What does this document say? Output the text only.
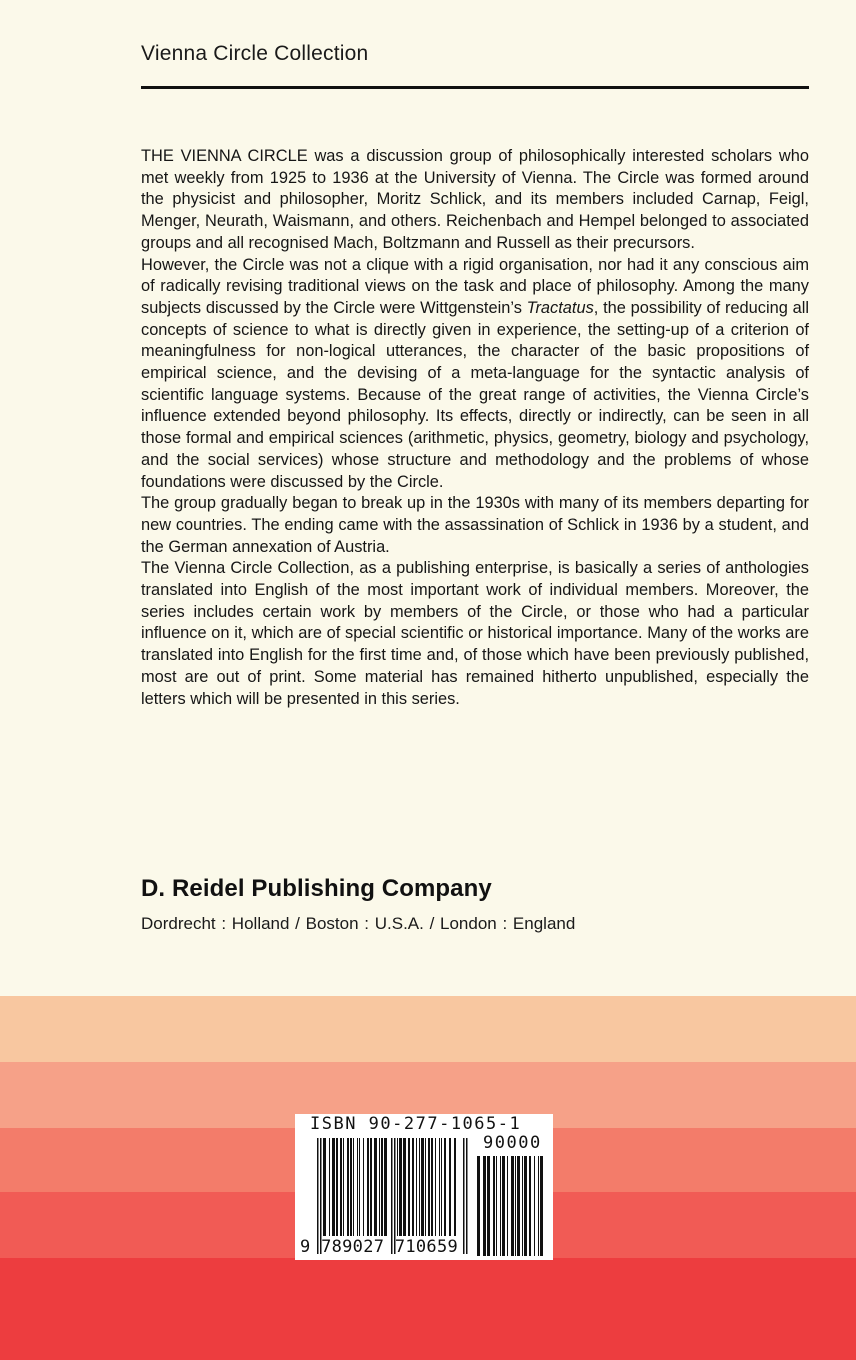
Vienna Circle Collection

THE VIENNA CIRCLE was a discussion group of philosophically interested scholars who met weekly from 1925 to 1936 at the University of Vienna. The Circle was formed around the physicist and philosopher, Moritz Schlick, and its members included Carnap, Feigl, Menger, Neurath, Waismann, and others. Reichenbach and Hempel belonged to associated groups and all recognised Mach, Boltzmann and Russell as their precursors.

However, the Circle was not a clique with a rigid organisation, nor had it any conscious aim of radically revising traditional views on the task and place of philosophy. Among the many subjects discussed by the Circle were Wittgenstein’s Tractatus, the possibility of reducing all concepts of science to what is directly given in experience, the setting-up of a criterion of meaningfulness for non-logical utterances, the character of the basic propositions of empirical science, and the devising of a meta-language for the syntactic analysis of scientific language systems. Because of the great range of activities, the Vienna Circle’s influence extended beyond philosophy. Its effects, directly or indirectly, can be seen in all those formal and empirical sciences (arithmetic, physics, geometry, biology and psychology, and the social services) whose structure and methodology and the problems of whose foundations were discussed by the Circle.

The group gradually began to break up in the 1930s with many of its members departing for new countries. The ending came with the assassination of Schlick in 1936 by a student, and the German annexation of Austria.

The Vienna Circle Collection, as a publishing enterprise, is basically a series of anthologies translated into English of the most important work of individual members. Moreover, the series includes certain work by members of the Circle, or those who had a particular influence on it, which are of special scientific or historical importance. Many of the works are translated into English for the first time and, of those which have been previously published, most are out of print. Some material has remained hitherto unpublished, especially the letters which will be presented in this series.

D. Reidel Publishing Company
Dordrecht : Holland / Boston : U.S.A. / London : England
ISBN 90-277-1065-1
90000
9 789027 710659
